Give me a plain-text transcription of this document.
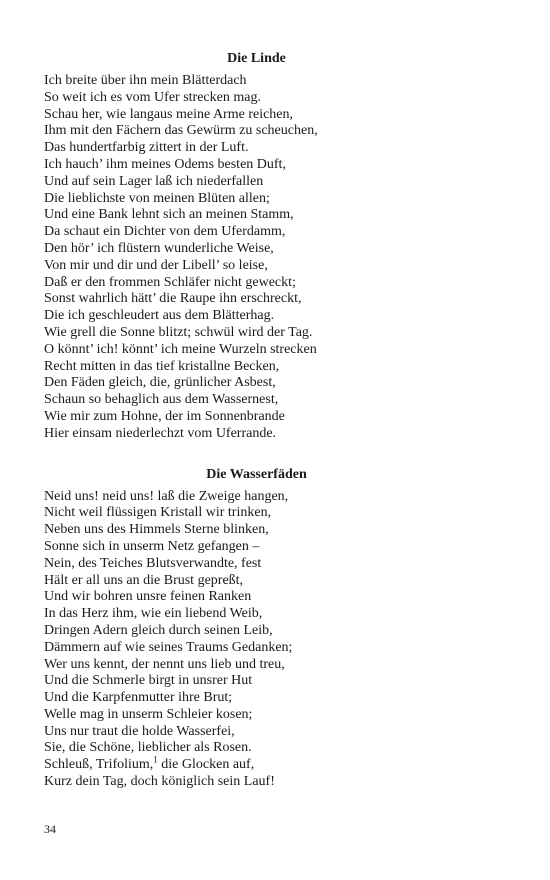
Die Linde
Ich breite über ihn mein Blätterdach
So weit ich es vom Ufer strecken mag.
Schau her, wie langaus meine Arme reichen,
Ihm mit den Fächern das Gewürm zu scheuchen,
Das hundertfarbig zittert in der Luft.
Ich hauch’ ihm meines Odems besten Duft,
Und auf sein Lager laß ich niederfallen
Die lieblichste von meinen Blüten allen;
Und eine Bank lehnt sich an meinen Stamm,
Da schaut ein Dichter von dem Uferdamm,
Den hör’ ich flüstern wunderliche Weise,
Von mir und dir und der Libell’ so leise,
Daß er den frommen Schläfer nicht geweckt;
Sonst wahrlich hätt’ die Raupe ihn erschreckt,
Die ich geschleudert aus dem Blätterhag.
Wie grell die Sonne blitzt; schwül wird der Tag.
O könnt’ ich! könnt’ ich meine Wurzeln strecken
Recht mitten in das tief kristallne Becken,
Den Fäden gleich, die, grünlicher Asbest,
Schaun so behaglich aus dem Wassernest,
Wie mir zum Hohne, der im Sonnenbrande
Hier einsam niederlechzt vom Uferrande.
Die Wasserfäden
Neid uns! neid uns! laß die Zweige hangen,
Nicht weil flüssigen Kristall wir trinken,
Neben uns des Himmels Sterne blinken,
Sonne sich in unserm Netz gefangen –
Nein, des Teiches Blutsverwandte, fest
Hält er all uns an die Brust gepreßt,
Und wir bohren unsre feinen Ranken
In das Herz ihm, wie ein liebend Weib,
Dringen Adern gleich durch seinen Leib,
Dämmern auf wie seines Traums Gedanken;
Wer uns kennt, der nennt uns lieb und treu,
Und die Schmerle birgt in unsrer Hut
Und die Karpfenmutter ihre Brut;
Welle mag in unserm Schleier kosen;
Uns nur traut die holde Wasserfei,
Sie, die Schöne, lieblicher als Rosen.
Schleuß, Trifolium,$^1$ die Glocken auf,
Kurz dein Tag, doch königlich sein Lauf!

34
